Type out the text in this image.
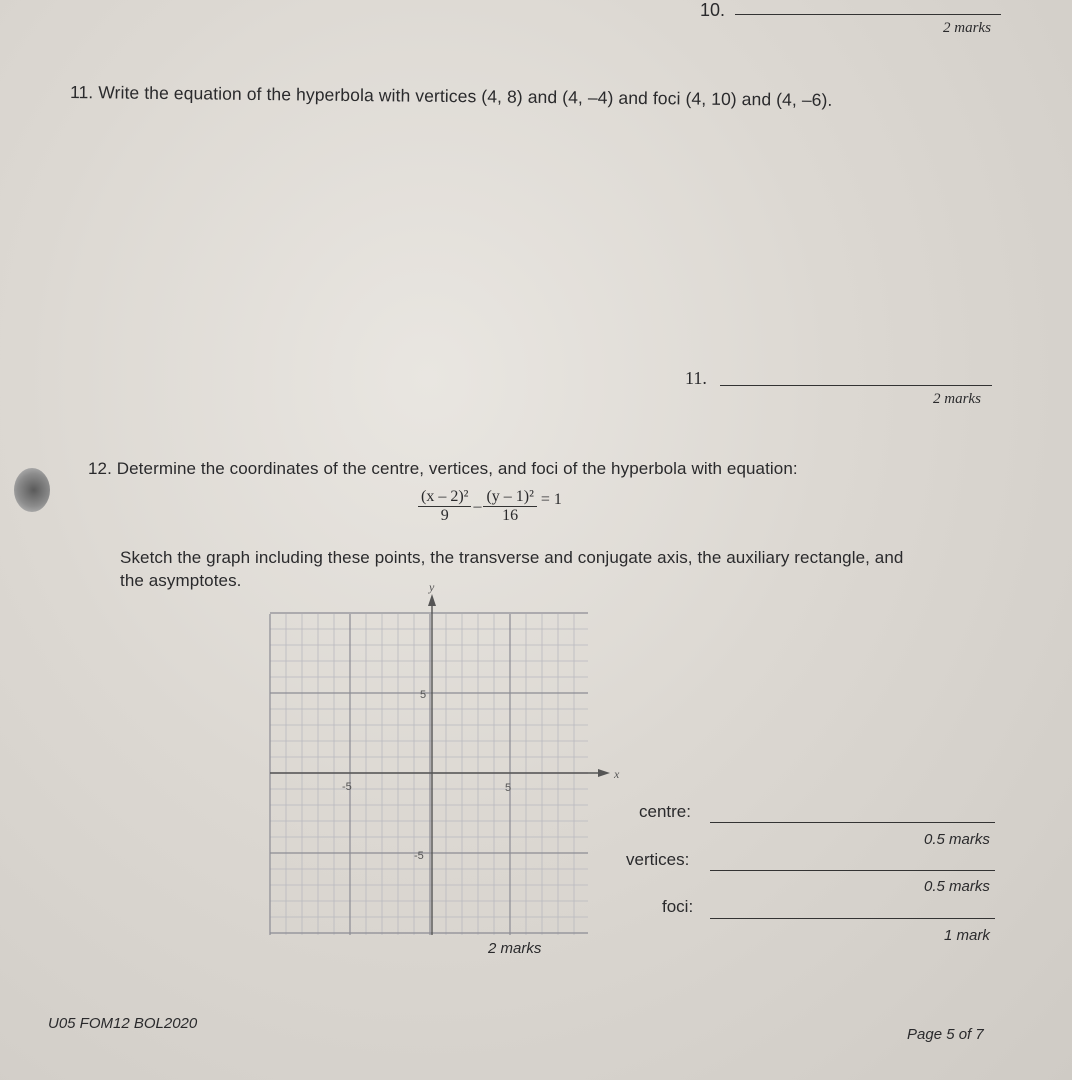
10.
2 marks
11. Write the equation of the hyperbola with vertices (4, 8) and (4, –4) and foci (4, 10) and (4, –6).
11.
2 marks
12. Determine the coordinates of the centre, vertices, and foci of the hyperbola with equation:
$\frac{\text{(x – 2)²}}{9} - \frac{\text{(y – 1)²}}{16} = 1$
Sketch the graph including these points, the transverse and conjugate axis, the auxiliary rectangle, and
the asymptotes.	y
x
-5	5
5
-5
2 marks
centre:
0.5 marks
vertices:
0.5 marks
foci:
1 mark
U05 FOM12 BOL2020
Page 5 of 7
